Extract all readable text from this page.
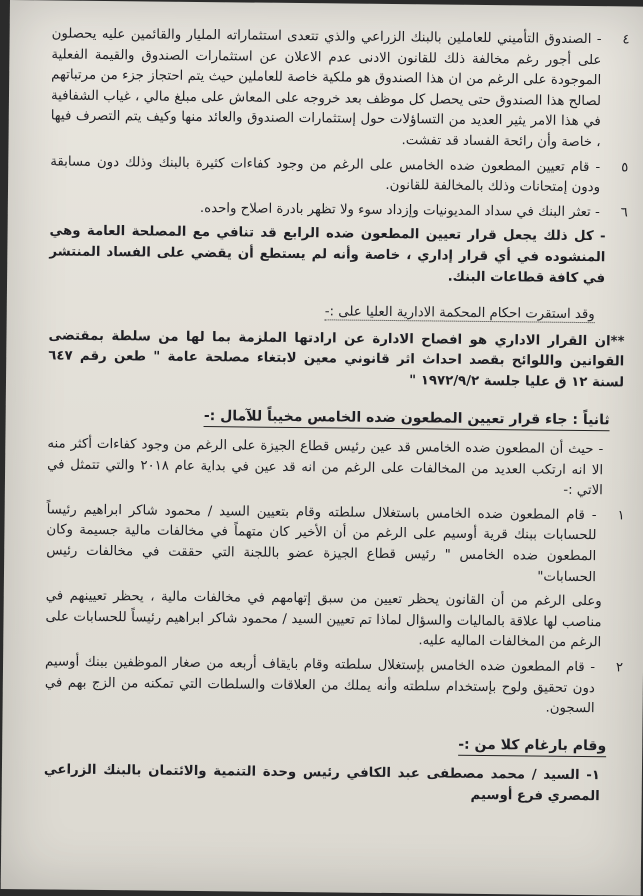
٤
- الصندوق التأميني للعاملين بالبنك الزراعي والذي تتعدى استثماراته المليار والقائمين عليه يحصلون على أجور رغم مخالفة ذلك للقانون الادنى عدم الاعلان عن استثمارات الصندوق والقيمة الفعلية الموجودة على الرغم من ان هذا الصندوق هو ملكية خاصة للعاملين حيث يتم احتجاز جزء من مرتباتهم لصالح هذا الصندوق حتى يحصل كل موظف بعد خروجه على المعاش على مبلغ مالي ، غياب الشفافية في هذا الامر يثير العديد من التساؤلات حول إستثمارات الصندوق والعائد منها وكيف يتم التصرف فيها ، خاصة وأن رائحة الفساد قد تفشت.

٥
- قام تعيين المطعون ضده الخامس على الرغم من وجود كفاءات كثيرة بالبنك وذلك دون مسابقة ودون إمتحانات وذلك بالمخالفة للقانون.

٦
- تعثر البنك في سداد المديونيات وإزداد سوء ولا تظهر بادرة اصلاح واحده.

- كل ذلك يجعل قرار تعيين المطعون ضده الرابع قد تنافي مع المصلحة العامة وهي المنشوده في أي قرار إداري ، خاصة وأنه لم يستطع أن يقضي على الفساد المنتشر في كافة قطاعات البنك.

وقد استقرت احكام المحكمة الادارية العليا على :-

**ان القرار الاداري هو افصاح الادارة عن ارادتها الملزمة بما لها من سلطة بمقتضى القوانين واللوائح بقصد احداث اثر قانوني معين لابتغاء مصلحة عامة " طعن رقم ٦٤٧ لسنة ١٢ ق عليا جلسة ١٩٧٢/٩/٢ "

ثانياً : جاء قرار تعيين المطعون ضده الخامس مخيباً للآمال :-

- حيث أن المطعون ضده الخامس قد عين رئيس قطاع الجيزة على الرغم من وجود كفاءات أكثر منه الا انه ارتكب العديد من المخالفات على الرغم من انه قد عين في بداية عام ٢٠١٨ والتي تتمثل في الاتي :-

١
- قام المطعون ضده الخامس باستغلال سلطته وقام بتعيين السيد / محمود شاكر ابراهيم رئيساً للحسابات ببنك قرية أوسيم على الرغم من أن الأخير كان متهماً في مخالفات مالية جسيمة وكان المطعون ضده الخامس " رئيس قطاع الجيزة عضو باللجنة التي حققت في مخالفات رئيس الحسابات"

وعلى الرغم من أن القانون يحظر تعيين من سبق إتهامهم في مخالفات مالية ، يحظر تعيينهم في مناصب لها علاقة بالماليات والسؤال لماذا تم تعيين السيد / محمود شاكر ابراهيم رئيساً للحسابات على الرغم من المخالفات الماليه عليه.

٢
- قام المطعون ضده الخامس بإستغلال سلطته وقام بايقاف أربعه من صغار الموظفين ببنك أوسيم دون تحقيق ولوح بإستخدام سلطته وأنه يملك من العلاقات والسلطات التي تمكنه من الزج بهم في السجون.

وقام بارغام كلا من :-

١- السيد / محمد مصطفى عبد الكافي رئيس وحدة التنمية والائتمان بالبنك الزراعي المصري فرع أوسيم
